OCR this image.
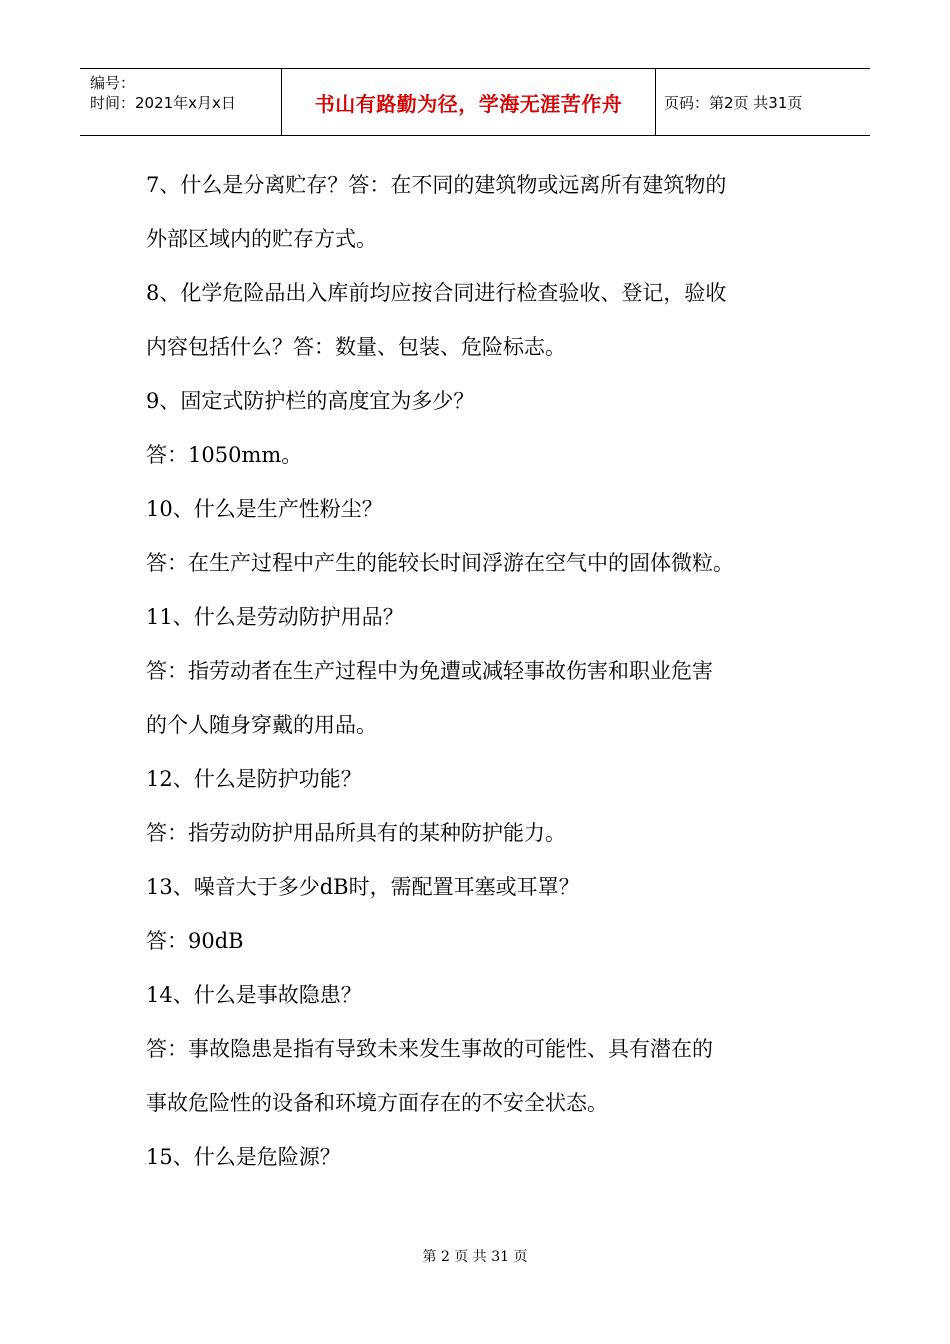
编号：
时间：2021年x月x日	书山有路勤为径，学海无涯苦作舟	页码：第2页 共31页

7、什么是分离贮存？答：在不同的建筑物或远离所有建筑物的

外部区域内的贮存方式。

8、化学危险品出入库前均应按合同进行检查验收、登记，验收

内容包括什么？答：数量、包装、危险标志。

9、固定式防护栏的高度宜为多少？

答：1050mm。

10、什么是生产性粉尘？

答：在生产过程中产生的能较长时间浮游在空气中的固体微粒。

11、什么是劳动防护用品？

答：指劳动者在生产过程中为免遭或减轻事故伤害和职业危害

的个人随身穿戴的用品。

12、什么是防护功能？

答：指劳动防护用品所具有的某种防护能力。

13、噪音大于多少dB时，需配置耳塞或耳罩？

答：90dB

14、什么是事故隐患？

答：事故隐患是指有导致未来发生事故的可能性、具有潜在的

事故危险性的设备和环境方面存在的不安全状态。

15、什么是危险源？

第 2 页 共 31 页
